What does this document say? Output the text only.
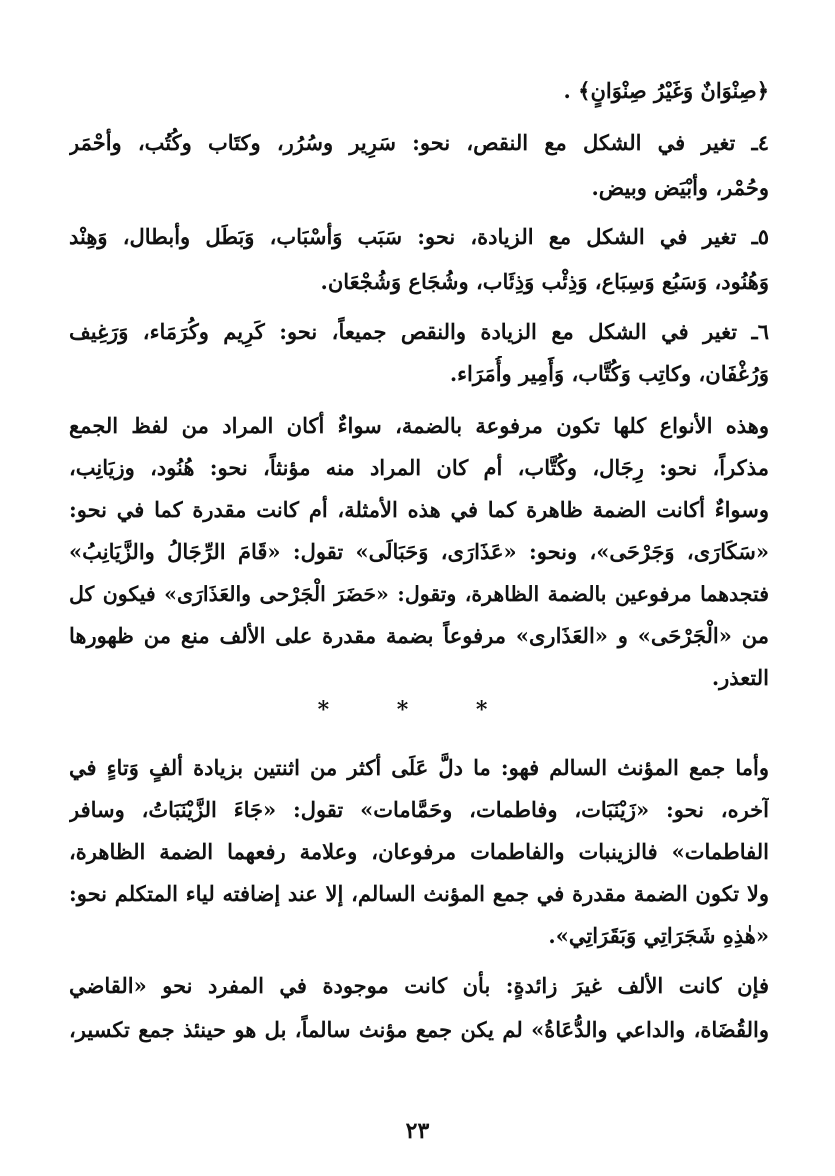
﴿صِنْوَانٌ وَغَيْرُ صِنْوَانٍ﴾ .
٤ـ تغير في الشكل مع النقص، نحو: سَرِير وسُرُر، وكتَاب وكُتُب، وأحْمَر
وحُمْر، وأبْيَض وبيض.
٥ـ تغير في الشكل مع الزيادة، نحو: سَبَب وَأسْبَاب، وَبَطَل وأبطال، وَهِنْد
وَهُنُود، وَسَبُع وَسِبَاع، وَذِئْب وَذِئَاب، وشُجَاع وَشُجْعَان.
٦ـ تغير في الشكل مع الزيادة والنقص جميعاً، نحو: كَرِيم وكُرَمَاء، وَرَغِيف
وَرُغْفَان، وكاتِب وَكُتَّاب، وَأَمِير وأُمَرَاء.
وهذه الأنواع كلها تكون مرفوعة بالضمة، سواءٌ أكان المراد من لفظ الجمع
مذكراً، نحو: رِجَال، وكُتَّاب، أم كان المراد منه مؤنثاً، نحو: هُنُود، وزيَانِب،
وسواءٌ أكانت الضمة ظاهرة كما في هذه الأمثلة، أم كانت مقدرة كما في نحو:
«سَكَارَى، وَجَرْحَى»، ونحو: «عَذَارَى، وَحَبَالَى» تقول: «قَامَ الرِّجَالُ والزَّيَانِبُ»
فتجدهما مرفوعين بالضمة الظاهرة، وتقول: «حَضَرَ الْجَرْحى والعَذَارَى» فيكون كل
من «الْجَرْحَى» و «العَذَارى» مرفوعاً بضمة مقدرة على الألف منع من ظهورها
التعذر.
* * *
وأما جمع المؤنث السالم فهو: ما دلَّ عَلَى أكثر من اثنتين بزيادة ألفٍ وَتاءٍ في
آخره، نحو: «زَيْنَبَات، وفاطمات، وحَمَّامات» تقول: «جَاءَ الزَّيْنَبَاتُ، وسافر
الفاطمات» فالزينبات والفاطمات مرفوعان، وعلامة رفعهما الضمة الظاهرة،
ولا تكون الضمة مقدرة في جمع المؤنث السالم، إلا عند إضافته لياء المتكلم نحو:
«هٰذِهِ شَجَرَاتِي وَبَقَرَاتِي».
فإن كانت الألف غيرَ زائدةٍ: بأن كانت موجودة في المفرد نحو «القاضي
والقُضَاة، والداعي والدُّعَاةُ» لم يكن جمع مؤنث سالماً، بل هو حينئذ جمع تكسير،
٢٣
